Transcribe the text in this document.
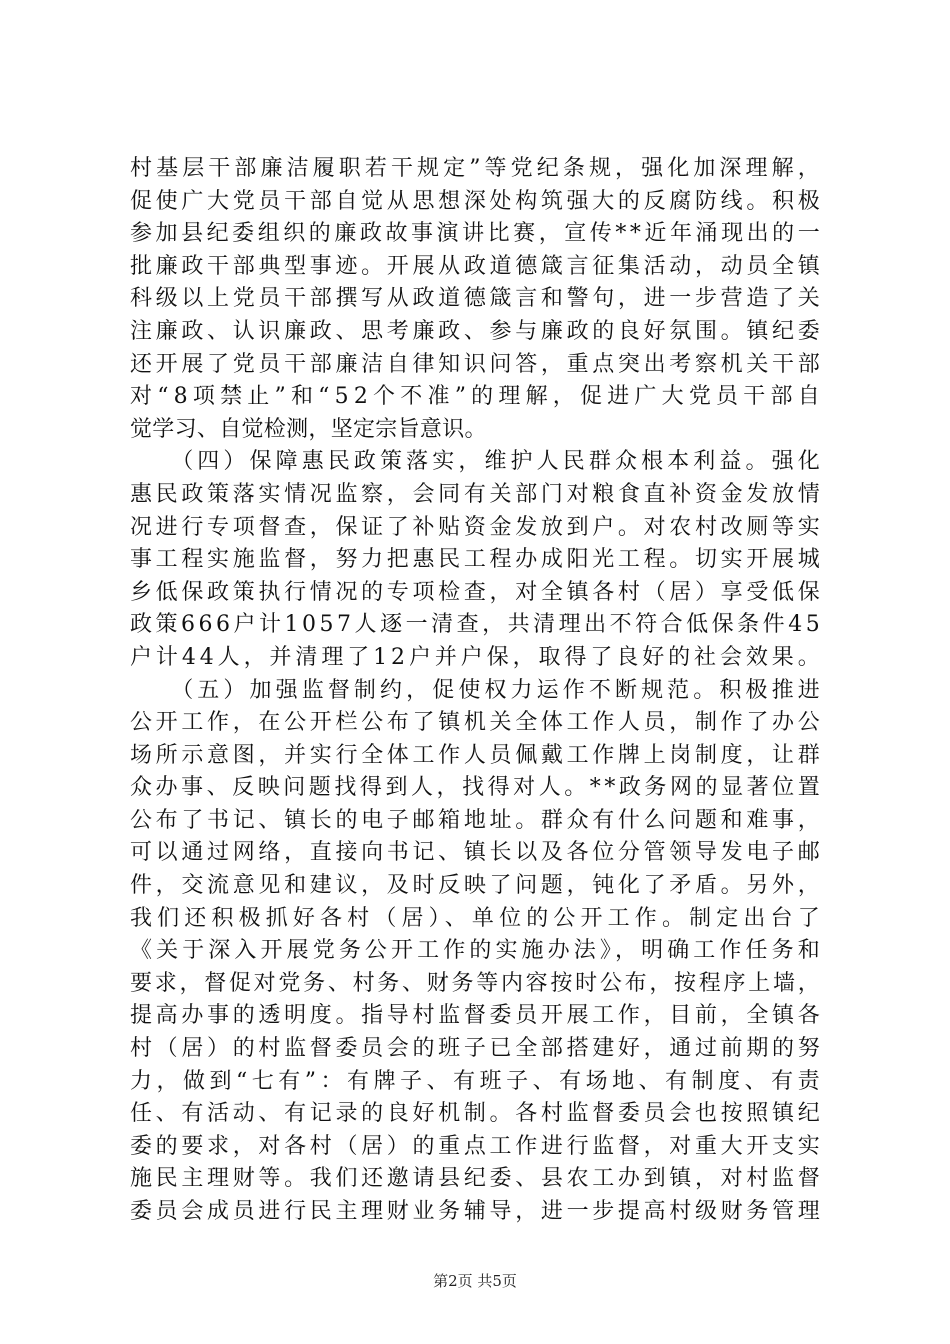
村基层干部廉洁履职若干规定”等党纪条规，强化加深理解，
促使广大党员干部自觉从思想深处构筑强大的反腐防线。积极
参加县纪委组织的廉政故事演讲比赛，宣传**近年涌现出的一
批廉政干部典型事迹。开展从政道德箴言征集活动，动员全镇
科级以上党员干部撰写从政道德箴言和警句，进一步营造了关
注廉政、认识廉政、思考廉政、参与廉政的良好氛围。镇纪委
还开展了党员干部廉洁自律知识问答，重点突出考察机关干部
对“8项禁止”和“52个不准”的理解，促进广大党员干部自
觉学习、自觉检测，坚定宗旨意识。
　　（四）保障惠民政策落实，维护人民群众根本利益。强化
惠民政策落实情况监察，会同有关部门对粮食直补资金发放情
况进行专项督查，保证了补贴资金发放到户。对农村改厕等实
事工程实施监督，努力把惠民工程办成阳光工程。切实开展城
乡低保政策执行情况的专项检查，对全镇各村（居）享受低保
政策666户计1057人逐一清查，共清理出不符合低保条件45
户计44人，并清理了12户并户保，取得了良好的社会效果。
　　（五）加强监督制约，促使权力运作不断规范。积极推进
公开工作，在公开栏公布了镇机关全体工作人员，制作了办公
场所示意图，并实行全体工作人员佩戴工作牌上岗制度，让群
众办事、反映问题找得到人，找得对人。**政务网的显著位置
公布了书记、镇长的电子邮箱地址。群众有什么问题和难事，
可以通过网络，直接向书记、镇长以及各位分管领导发电子邮
件，交流意见和建议，及时反映了问题，钝化了矛盾。另外，
我们还积极抓好各村（居）、单位的公开工作。制定出台了
《关于深入开展党务公开工作的实施办法》，明确工作任务和
要求，督促对党务、村务、财务等内容按时公布，按程序上墙，
提高办事的透明度。指导村监督委员开展工作，目前，全镇各
村（居）的村监督委员会的班子已全部搭建好，通过前期的努
力，做到“七有”：有牌子、有班子、有场地、有制度、有责
任、有活动、有记录的良好机制。各村监督委员会也按照镇纪
委的要求，对各村（居）的重点工作进行监督，对重大开支实
施民主理财等。我们还邀请县纪委、县农工办到镇，对村监督
委员会成员进行民主理财业务辅导，进一步提高村级财务管理
第2页 共5页
